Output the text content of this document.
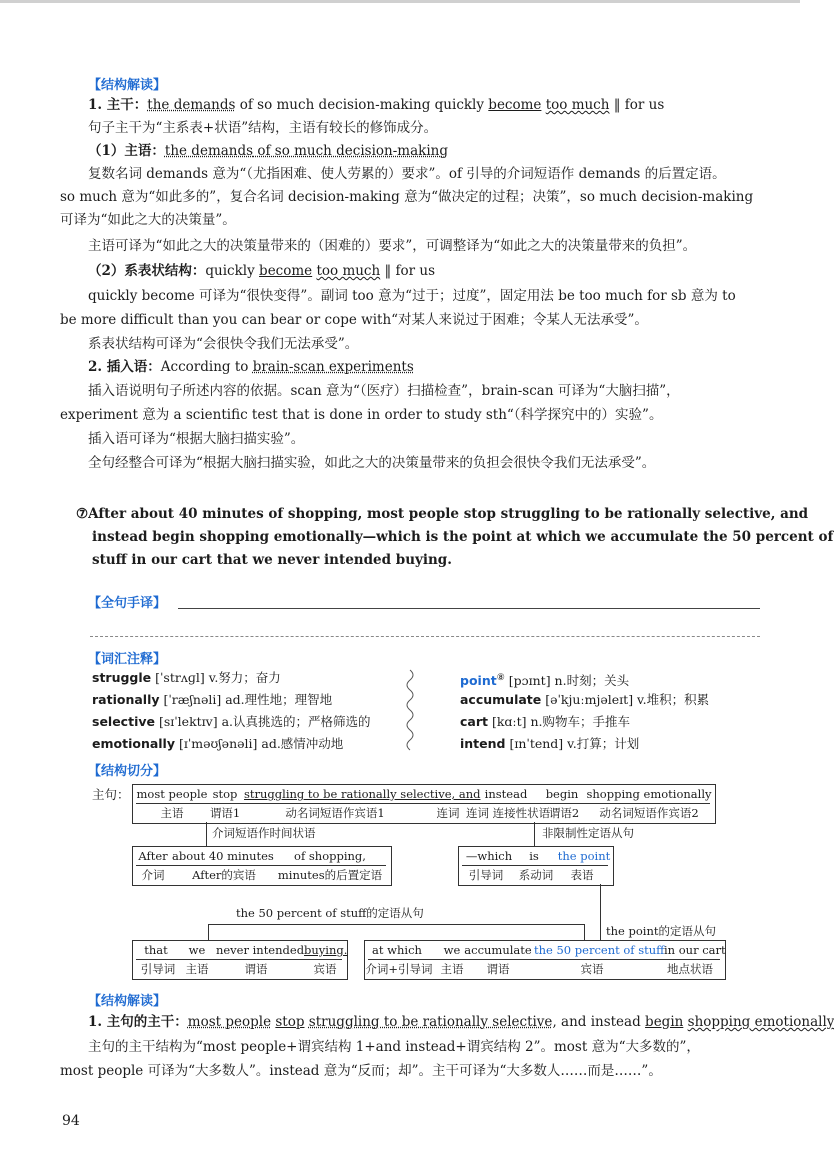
【结构解读】
1. 主干：the demands of so much decision-making quickly become too much ‖ for us
句子主干为“主系表+状语”结构，主语有较长的修饰成分。
（1）主语：the demands of so much decision-making
复数名词 demands 意为“（尤指困难、使人劳累的）要求”。of 引导的介词短语作 demands 的后置定语。
so much 意为“如此多的”，复合名词 decision-making 意为“做决定的过程；决策”，so much decision-making
可译为“如此之大的决策量”。
主语可译为“如此之大的决策量带来的（困难的）要求”，可调整译为“如此之大的决策量带来的负担”。
（2）系表状结构：quickly become too much ‖ for us
quickly become 可译为“很快变得”。副词 too 意为“过于；过度”，固定用法 be too much for sb 意为 to
be more difficult than you can bear or cope with“对某人来说过于困难；令某人无法承受”。
系表状结构可译为“会很快令我们无法承受”。
2. 插入语：According to brain-scan experiments
插入语说明句子所述内容的依据。scan 意为“（医疗）扫描检查”，brain-scan 可译为“大脑扫描”，
experiment 意为 a scientific test that is done in order to study sth“（科学探究中的）实验”。
插入语可译为“根据大脑扫描实验”。
全句经整合可译为“根据大脑扫描实验，如此之大的决策量带来的负担会很快令我们无法承受”。
⑦After about 40 minutes of shopping, most people stop struggling to be rationally selective, and
instead begin shopping emotionally—which is the point at which we accumulate the 50 percent of
stuff in our cart that we never intended buying.
【全句手译】
【词汇注释】
struggle [ˈstrʌɡl] v.努力；奋力
rationally [ˈræʃnəli] ad.理性地；理智地
selective [sɪˈlektɪv] a.认真挑选的；严格筛选的
emotionally [ɪˈməʊʃənəli] ad.感情冲动地
point⑧ [pɔɪnt] n.时刻；关头
accumulate [əˈkjuːmjəleɪt] v.堆积；积累
cart [kɑːt] n.购物车；手推车
intend [ɪnˈtend] v.打算；计划
【结构切分】
主句： most people
主语
stop
谓语1
struggling to be rationally selective, and
动名词短语作宾语1	连词
instead
连词 连接性状语
begin
谓语2
shopping emotionally
动名词短语作宾语2
介词短语作时间状语	非限制性定语从句
After
介词
about 40 minutes
After的宾语
of shopping,
minutes的后置定语
—which
引导词
is
系动词
the point
表语
the 50 percent of stuff的定语从句
the point的定语从句
that
引导词
we
主语
never intended
谓语
buying.
宾语
at which
介词+引导词
we
主语
accumulate
谓语
the 50 percent of stuff
宾语
in our cart
地点状语
【结构解读】
1. 主句的主干：most people stop struggling to be rationally selective, and instead begin shopping emotionally
主句的主干结构为“most people+谓宾结构 1+and instead+谓宾结构 2”。most 意为“大多数的”，
most people 可译为“大多数人”。instead 意为“反而；却”。主干可译为“大多数人……而是……”。
94
